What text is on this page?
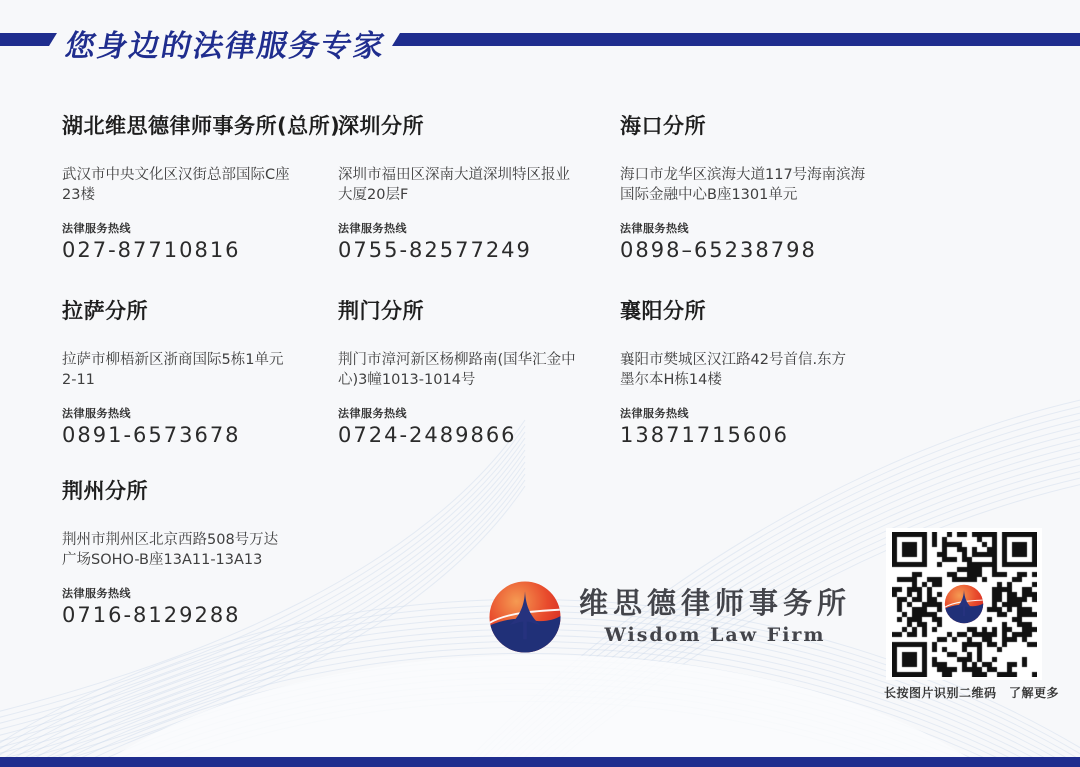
您身边的法律服务专家
湖北维思德律师事务所(总所)

武汉市中央文化区汉街总部国际C座23楼

法律服务热线
027-87710816
深圳分所

深圳市福田区深南大道深圳特区报业大厦20层F

法律服务热线
0755-82577249
海口分所

海口市龙华区滨海大道117号海南滨海国际金融中心B座1301单元

法律服务热线
0898–65238798
拉萨分所

拉萨市柳梧新区浙商国际5栋1单元2-11

法律服务热线
0891-6573678
荆门分所

荆门市漳河新区杨柳路南(国华汇金中心)3幢1013-1014号

法律服务热线
0724-2489866
襄阳分所

襄阳市樊城区汉江路42号首信.东方墨尔本H栋14楼

法律服务热线
13871715606
荆州分所

荆州市荆州区北京西路508号万达广场SOHO-B座13A11-13A13

法律服务热线
0716-8129288	维思德律师事务所
Wisdom Law Firm
长按图片识别二维码　了解更多
